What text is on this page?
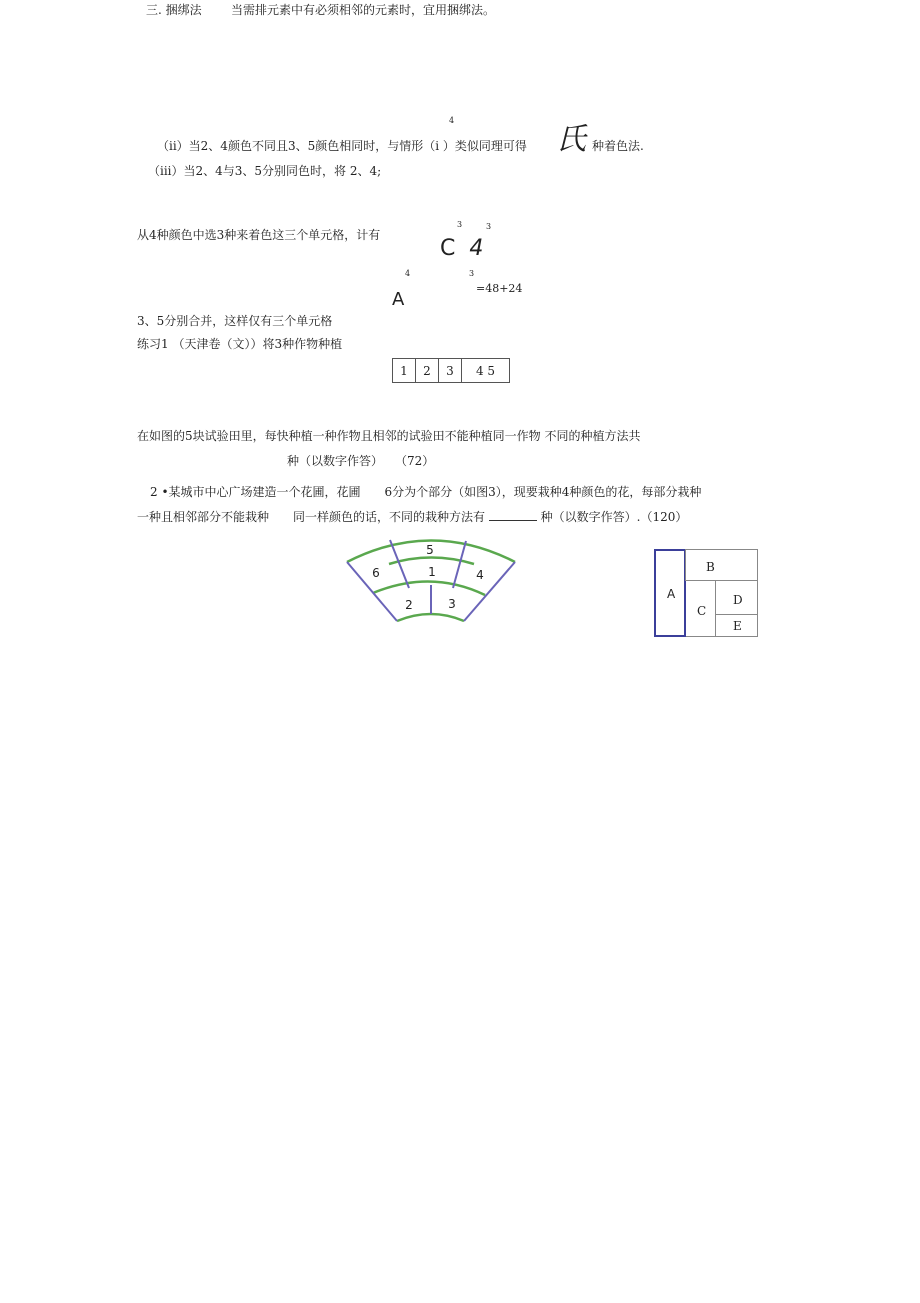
三. 捆绑法 当需排元素中有必须相邻的元素时，宜用捆绑法。
4
（ii）当2、4颜色不同且3、5颜色相同时，与情形（i ）类似同理可得 氏 种着色法.
（iii）当2、4与3、5分别同色时，将 2、4;
从4种颜色中选3种来着色这三个单元格，计有
3	3
C 4
4	3
A
=48+24
3、5分别合并，这样仅有三个单元格
练习1 （天津卷（文））将3种作物种植
1	2	3	4 5
在如图的5块试验田里，每快种植一种作物且相邻的试验田不能种植同一作物 不同的种植方法共
种（以数字作答）　　（72）
2 •某城市中心广场建造一个花圃，花圃　　6分为个部分（如图3），现要栽种4种颜色的花，每部分栽种
一种且相邻部分不能栽种　　同一样颜色的话，不同的栽种方法有	种（以数字作答）.（120）
5
6	1	4
2	3
A
B
C
D
E
